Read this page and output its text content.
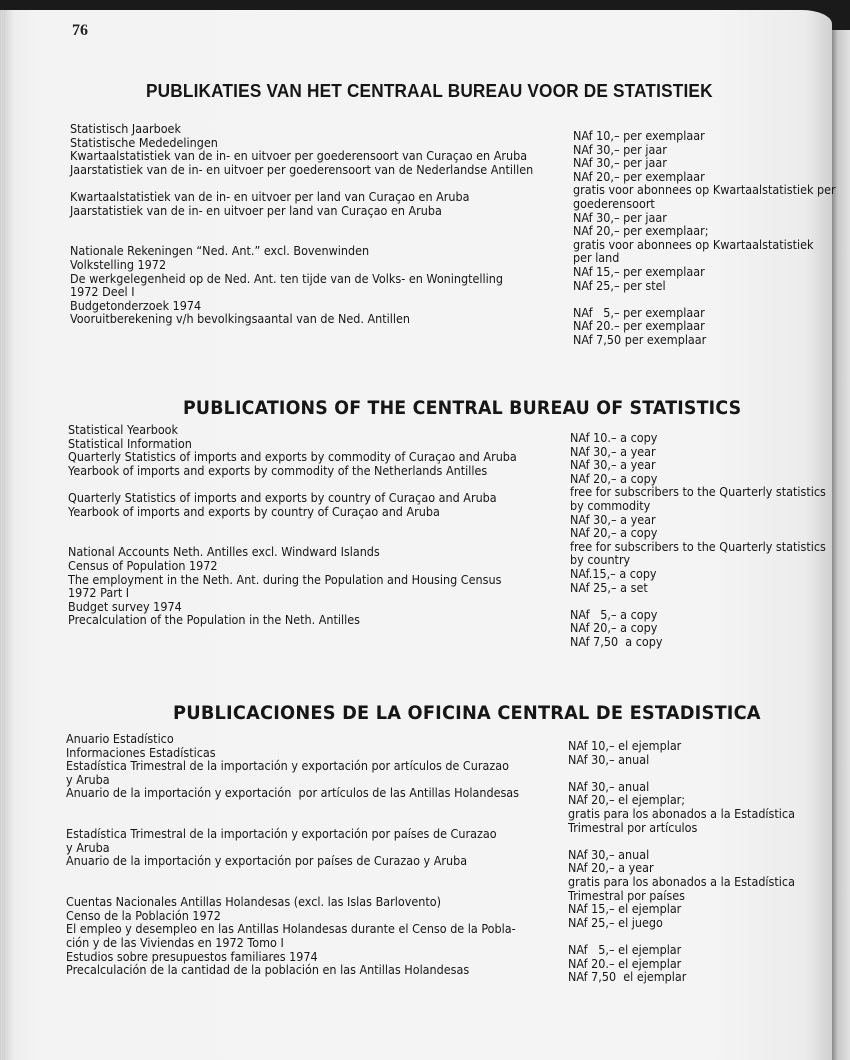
76
PUBLIKATIES VAN HET CENTRAAL BUREAU VOOR DE STATISTIEK
Statistisch Jaarboek
Statistische Mededelingen
Kwartaalstatistiek van de in- en uitvoer per goederensoort van Curaçao en Aruba
Jaarstatistiek van de in- en uitvoer per goederensoort van de Nederlandse Antillen
Kwartaalstatistiek van de in- en uitvoer per land van Curaçao en Aruba
Jaarstatistiek van de in- en uitvoer per land van Curaçao en Aruba
Nationale Rekeningen “Ned. Ant.” excl. Bovenwinden
Volkstelling 1972
De werkgelegenheid op de Ned. Ant. ten tijde van de Volks- en Woningtelling
1972 Deel I
Budgetonderzoek 1974
Vooruitberekening v/h bevolkingsaantal van de Ned. Antillen
NAf 10,– per exemplaar
NAf 30,– per jaar
NAf 30,– per jaar
NAf 20,– per exemplaar
gratis voor abonnees op Kwartaalstatistiek per
goederensoort
NAf 30,– per jaar
NAf 20,– per exemplaar;
gratis voor abonnees op Kwartaalstatistiek
per land
NAf 15,– per exemplaar
NAf 25,– per stel
NAf   5,– per exemplaar
NAf 20.– per exemplaar
NAf 7,50 per exemplaar
PUBLICATIONS OF THE CENTRAL BUREAU OF STATISTICS
Statistical Yearbook
Statistical Information
Quarterly Statistics of imports and exports by commodity of Curaçao and Aruba
Yearbook of imports and exports by commodity of the Netherlands Antilles
Quarterly Statistics of imports and exports by country of Curaçao and Aruba
Yearbook of imports and exports by country of Curaçao and Aruba
National Accounts Neth. Antilles excl. Windward Islands
Census of Population 1972
The employment in the Neth. Ant. during the Population and Housing Census
1972 Part I
Budget survey 1974
Precalculation of the Population in the Neth. Antilles
NAf 10.– a copy
NAf 30,– a year
NAf 30,– a year
NAf 20,– a copy
free for subscribers to the Quarterly statistics
by commodity
NAf 30,– a year
NAf 20,– a copy
free for subscribers to the Quarterly statistics
by country
NAf.15,– a copy
NAf 25,– a set
NAf   5,– a copy
NAf 20,– a copy
NAf 7,50  a copy
PUBLICACIONES DE LA OFICINA CENTRAL DE ESTADISTICA
Anuario Estadístico
Informaciones Estadísticas
Estadística Trimestral de la importación y exportación por artículos de Curazao
y Aruba
Anuario de la importación y exportación  por artículos de las Antillas Holandesas
Estadística Trimestral de la importación y exportación por países de Curazao
y Aruba
Anuario de la importación y exportación por países de Curazao y Aruba
Cuentas Nacionales Antillas Holandesas (excl. las Islas Barlovento)
Censo de la Población 1972
El empleo y desempleo en las Antillas Holandesas durante el Censo de la Pobla-
ción y de las Viviendas en 1972 Tomo I
Estudios sobre presupuestos familiares 1974
Precalculación de la cantidad de la población en las Antillas Holandesas
NAf 10,– el ejemplar
NAf 30,– anual
NAf 30,– anual
NAf 20,– el ejemplar;
gratis para los abonados a la Estadística
Trimestral por artículos
NAf 30,– anual
NAf 20,– a year
gratis para los abonados a la Estadística
Trimestral por países
NAf 15,– el ejemplar
NAf 25,– el juego
NAf   5,– el ejemplar
NAf 20.– el ejemplar
NAf 7,50  el ejemplar
